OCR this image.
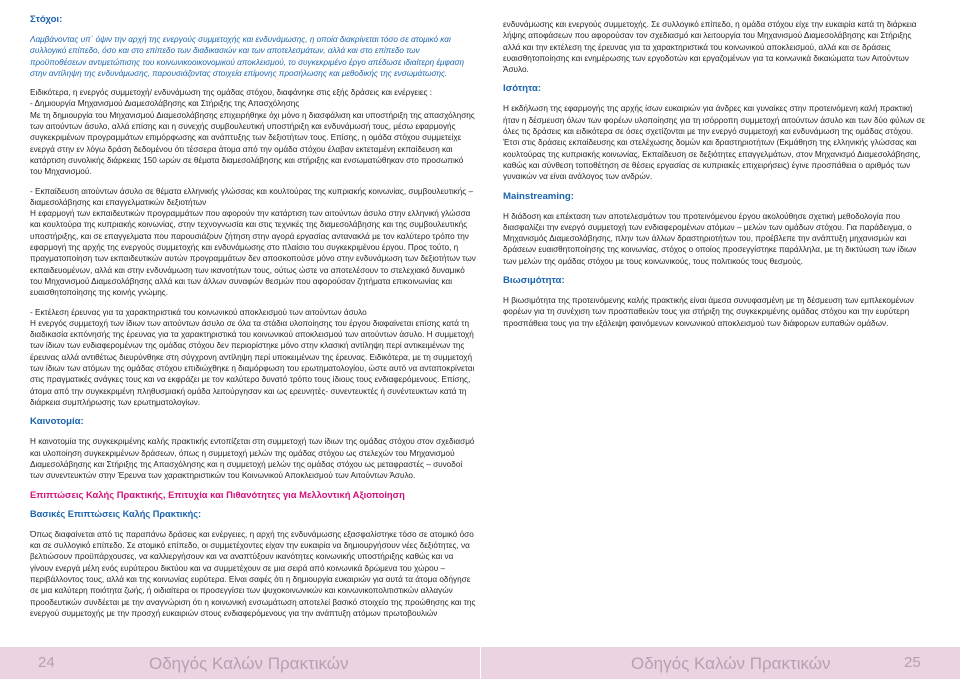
Στόχοι:

Λαμβάνοντας υπ΄ όψιν την αρχή της ενεργούς συμμετοχής και ενδυνάμωσης, η οποία διακρίνεται τόσο σε ατομικό και συλλογικό επίπεδο, όσο και στο επίπεδο των διαδικασιών και των αποτελεσμάτων, αλλά και στο επίπεδο των προϋποθέσεων αντιμετώπισης του κοινωνικοοικονομικού αποκλεισμού, το συγκεκριμένο έργο απέδωσε ιδιαίτερη έμφαση στην αντίληψη της ενδυνάμωσης, παρουσιάζοντας στοιχεία επίμονης προσήλωσης και μεθοδικής της ενσωμάτωσης.

Ειδικότερα, η ενεργός συμμετοχή/ ενδυνάμωση της ομάδας στόχου, διαφάνηκε στις εξής δράσεις και ενέργειες :

- Δημιουργία Μηχανισμού Διαμεσολάβησης και Στήριξης της Απασχόλησης

Με τη δημιουργία του Μηχανισμού Διαμεσολάβησης επιχειρήθηκε όχι μόνο η διασφάλιση και υποστήριξη της απασχόλησης των αιτούντων άσυλο, αλλά επίσης και η συνεχής συμβουλευτική υποστήριξη και ενδυνάμωσή τους, μέσω εφαρμογής συγκεκριμένων προγραμμάτων επιμόρφωσης και ανάπτυξης των δεξιοτήτων τους. Επίσης, η ομάδα στόχου συμμετείχε ενεργά στην εν λόγω δράση δεδομένου ότι τέσσερα άτομα από την ομάδα στόχου έλαβαν εκτεταμένη εκπαίδευση και κατάρτιση συνολικής διάρκειας 150 ωρών σε θέματα διαμεσολάβησης και στήριξης και ενσωματώθηκαν στο προσωπικό του Μηχανισμού.

- Εκπαίδευση αιτούντων άσυλο σε θέματα ελληνικής γλώσσας και κουλτούρας της κυπριακής κοινωνίας, συμβουλευτικής – διαμεσολάβησης και επαγγελματικών δεξιοτήτων

Η εφαρμογή των εκπαιδευτικών προγραμμάτων που αφορούν την κατάρτιση των αιτούντων άσυλο στην ελληνική γλώσσα και κουλτούρα της κυπριακής κοινωνίας, στην τεχνογνωσία και στις τεχνικές της διαμεσολάβησης και της συμβουλευτικής υποστήριξης, και σε επαγγελματα που παρουσιάζουν ζήτηση στην αγορά εργασίας αντανακλά με τον καλύτερο τρόπο την εφαρμογή της αρχής της ενεργούς συμμετοχής και ενδυνάμωσης στο πλαίσιο του συγκεκριμένου έργου. Προς τούτο, η πραγματοποίηση των εκπαιδευτικών αυτών προγραμμάτων δεν αποσκοπούσε μόνο στην ενδυνάμωση των δεξιοτήτων των εκπαιδευομένων, αλλά και στην ενδυνάμωση των ικανοτήτων τους, ούτως ώστε να αποτελέσουν το στελεχιακό δυναμικό του Μηχανισμού Διαμεσολάβησης αλλά και των άλλων συναφών θεσμών που αφορούσαν ζητήματα επικοινωνίας και ευαισθητοποίησης της κοινής γνώμης.

- Εκτέλεση έρευνας για τα χαρακτηριστικά του κοινωνικού αποκλεισμού των αιτούντων άσυλο

Η ενεργός συμμετοχή των ίδιων των αιτούντων άσυλο σε όλα τα στάδια υλοποίησης του έργου διαφαίνεται επίσης κατά τη διαδικασία εκπόνησής της έρευνας για τα χαρακτηριστικά του κοινωνικού αποκλεισμού των αιτούντων άσυλο. Η συμμετοχή των ίδιων των ενδιαφερομένων της ομάδας στόχου δεν περιορίστηκε μόνο στην κλασική αντίληψη περί αντικειμένων της έρευνας αλλά αντιθέτως διευρύνθηκε στη σύγχρονη αντίληψη περί υποκειμένων της έρευνας. Ειδικότερα, με τη συμμετοχή των ίδιων των ατόμων της ομάδας στόχου επιδιώχθηκε η διαμόρφωση του ερωτηματολογίου, ώστε αυτό να ανταποκρίνεται στις πραγματικές ανάγκες τους και να εκφράζει με τον καλύτερο δυνατό τρόπο τους ίδιους τους ενδιαφερόμενους. Επίσης, άτομα από την συγκεκριμένη πληθυσμιακή ομάδα λειτούργησαν και ως ερευνητές- συνεντευκτές ή συνέντευκτων κατά τη διάρκεια συμπλήρωσης των ερωτηματολογίων.

Καινοτομία:

Η καινοτομία της συγκεκριμένης καλής πρακτικής εντοπίζεται στη συμμετοχή των ίδιων της ομάδας στόχου στον σχεδιασμό και υλοποίηση συγκεκριμένων δράσεων, όπως η συμμετοχή μελών της ομάδας στόχου ως στελεχών του Μηχανισμού Διαμεσολάβησης και Στήριξης της Απασχόλησης και η συμμετοχή μελών της ομάδας στόχου ως μεταφραστές – συνοδοί των συνεντευκτών στην Έρευνα των χαρακτηριστικών του Κοινωνικού Αποκλεισμού των Αιτούντων Άσυλο.

Επιπτώσεις Καλής Πρακτικής, Επιτυχία και Πιθανότητες για Μελλοντική Αξιοποίηση

Βασικές Επιπτώσεις Καλής Πρακτικής:

Όπως διαφαίνεται από τις παραπάνω δράσεις και ενέργειες, η αρχή της ενδυνάμωσης εξασφαλίστηκε τόσο σε ατομικό όσο και σε συλλογικό επίπεδο. Σε ατομικό επίπεδο, οι συμμετέχοντες είχαν την ευκαιρία να δημιουργήσουν νέες δεξιότητες, να βελτιώσουν προϋπάρχουσες, να καλλιεργήσουν και να αναπτύξουν ικανότητες κοινωνικής υποστήριξης καθώς και να γίνουν ενεργά μέλη ενός ευρύτερου δικτύου και να συμμετέχουν σε μια σειρά από κοινωνικά δρώμενα του χώρου – περιβάλλοντος τους, αλλά και της κοινωνίας ευρύτερα. Είναι σαφές ότι η δημιουργία ευκαιριών για αυτά τα άτομα οδήγησε σε μια καλύτερη ποιότητα ζωής, ή οιδιαίτερα οι προσεγγίσει των ψυχοκοινωνικών και κοινωνικοπολιτιστικών αλλαγών προοδευτικών συνδέεται με την αναγνώριση ότι η κοινωνική ενσωμάτωση αποτελεί βασικό στοιχείο της προώθησης και της ενεργού συμμετοχής με την προσχή ευκαιριών στους ενδιαφερόμενους για την ανάπτυξη ατόμων πρωτοβουλιών

ενδυνάμωσης και ενεργούς συμμετοχής. Σε συλλογικό επίπεδο, η ομάδα στόχου είχε την ευκαιρία κατά τη διάρκεια λήψης αποφάσεων που αφορούσαν τον σχεδιασμό και λειτουργία του Μηχανισμού Διαμεσολάβησης και Στήριξης αλλά και την εκτέλεση της έρευνας για τα χαρακτηριστικά του κοινωνικού αποκλεισμού, αλλά και σε δράσεις ευαισθητοποίησης και ενημέρωσης των εργοδοτών και εργαζομένων για τα κοινωνικά δικαιώματα των Αιτούντων Άσυλο.

Ισότητα:

Η εκδήλωση της εφαρμογής της αρχής ίσων ευκαιριών για άνδρες και γυναίκες στην προτεινόμενη καλή πρακτική ήταν η δέσμευση όλων των φορέων υλοποίησης για τη ισόρροπη συμμετοχή αιτούντων άσυλο και των δύο φύλων σε όλες τις δράσεις και ειδικότερα σε όσες σχετίζονται με την ενεργό συμμετοχή και ενδυνάμωση της ομάδας στόχου. Έτσι στις δράσεις εκπαίδευσης και στελέχωσης δομών και δραστηριοτήτων (Εκμάθηση της ελληνικής γλώσσας και κουλτούρας της κυπριακής κοινωνίας, Εκπαίδευση σε δεξιότητες επαγγελμάτων, στον Μηχανισμό Διαμεσολάβησης, καθώς και σύνθεση τοποθέτηση σε θέσεις εργασίας σε κυπριακές επιχειρήσεις) έγινε προσπάθεια ο αριθμός των γυναικών να είναι ανάλογος των ανδρών.

Mainstreaming:

Η διάδοση και επέκταση των αποτελεσμάτων του προτεινόμενου έργου ακολούθησε σχετική μεθοδολογία που διασφαλίζει την ενεργό συμμετοχή των ενδιαφερομένων ατόμων – μελών των ομάδων στόχου. Για παράδειγμα, ο Μηχανισμός Διαμεσολάβησης, πλην των άλλων δραστηριοτήτων του, προέβλεπε την ανάπτυξη μηχανισμών και δράσεων ευαισθητοποίησης της κοινωνίας, στόχος ο οποίος προσεγγίστηκε παράλληλα, με τη δικτύωση των ίδιων των μελών της ομάδας στόχου με τους κοινωνικούς, τους πολιτικούς τους θεσμούς.

Βιωσιμότητα:

Η βιωσιμότητα της προτεινόμενης καλής πρακτικής είναι άμεσα συνυφασμένη με τη δέσμευση των εμπλεκομένων φορέων για τη συνέχιση των προσπαθειών τους για στήριξη της συγκεκριμένης ομάδας στόχου και την ευρύτερη προσπάθεια τους για την εξάλειψη φαινόμενων κοινωνικού αποκλεισμού των διάφορων ευπαθών ομάδων.

24	Οδηγός Καλών Πρακτικών	Οδηγός Καλών Πρακτικών	25
